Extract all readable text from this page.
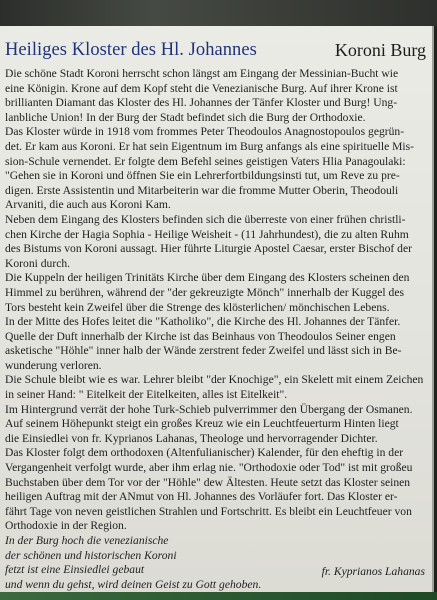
Heiliges Kloster des Hl. Johannes	Koroni Burg
Die schöne Stadt Koroni herrscht schon längst am Eingang der Messinian-Bucht wie
eine Königin. Krone auf dem Kopf steht die Venezianische Burg. Auf ihrer Krone ist
brillianten Diamant das Kloster des Hl. Johannes der Tänfer Kloster und Burg! Ung-
lanbliche Union! In der Burg der Stadt befindet sich die Burg der Orthodoxie.
Das Kloster würde in 1918 vom frommes Peter Theodoulos Anagnostopoulos gegrün-
det. Er kam aus Koroni. Er hat sein Eigentnum im Burg anfangs als eine spirituelle Mis-
sion-Schule vernendet. Er folgte dem Befehl seines geistigen Vaters Hlia Panagoulaki:
"Gehen sie in Koroni und öffnen Sie ein Lehrerfortbildungsinsti tut, um Reve zu pre-
digen. Erste Assistentin und Mitarbeiterin war die fromme Mutter Oberin, Theodouli
Arvaniti, die auch aus Koroni Kam.
Neben dem Eingang des Klosters befinden sich die überreste von einer frühen christli-
chen Kirche der Hagia Sophia - Heilige Weisheit - (11 Jahrhundest), die zu alten Ruhm
des Bistums von Koroni aussagt. Hier führte Liturgie Apostel Caesar, erster Bischof der
Koroni durch.
Die Kuppeln der heiligen Trinitäts Kirche über dem Eingang des Klosters scheinen den
Himmel zu berühren, während der "der gekreuzigte Mönch" innerhalb der Kuggel des
Tors besteht kein Zweifel über die Strenge des klösterlichen/ mönchischen Lebens.
In der Mitte des Hofes leitet die "Katholiko", die Kirche des Hl. Johannes der Tänfer.
Quelle der Duft innerhalb der Kirche ist das Beinhaus von Theodoulos Seiner engen
asketische "Höhle" inner halb der Wände zerstrent feder Zweifel und lässt sich in Be-
wunderung verloren.
Die Schule bleibt wie es war. Lehrer bleibt "der Knochige", ein Skelett mit einem Zeichen
in seiner Hand: " Eitelkeit der Eitelkeiten, alles ist Eitelkeit".
Im Hintergrund verrät der hohe Turk-Schieb pulverrimmer den Übergang der Osmanen.
Auf seinem Höhepunkt steigt ein großes Kreuz wie ein Leuchtfeuerturm Hinten liegt
die Einsiedlei von fr. Kyprianos Lahanas, Theologe und hervorragender Dichter.
Das Kloster folgt dem orthodoxen (Altenfulianischer) Kalender, für den eheftig in der
Vergangenheit verfolgt wurde, aber ihm erlag nie. "Orthodoxie oder Tod" ist mit großeu
Buchstaben über dem Tor vor der "Höhle" dew Ältesten. Heute setzt das Kloster seinen
heiligen Auftrag mit der ANmut von Hl. Johannes des Vorläufer fort. Das Kloster er-
fährt Tage von neven geistlichen Strahlen und Fortschritt. Es bleibt ein Leuchtfeuer von
Orthodoxie in der Region.
In der Burg hoch die venezianische
der schönen und historischen Koroni
fetzt ist eine Einsiedlei gebaut
und wenn du gehst, wird deinen Geist zu Gott gehoben.
fr. Kyprianos Lahanas
